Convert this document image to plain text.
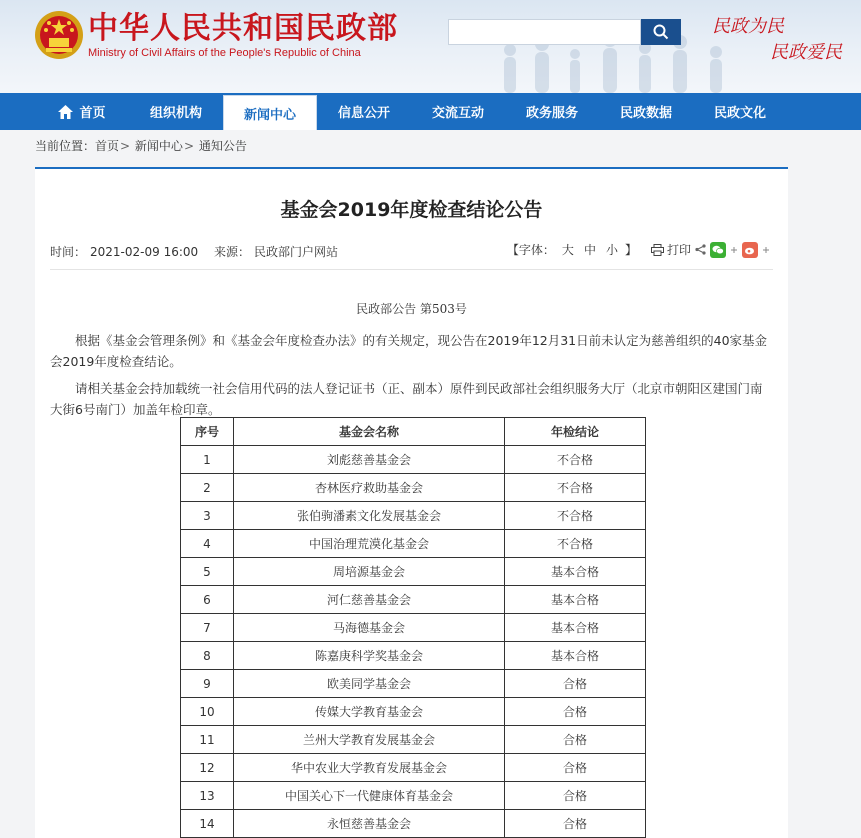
中华人民共和国民政部
Ministry of Civil Affairs of the People's Republic of China
民政为民
民政爱民
首页	组织机构	新闻中心	信息公开	交流互动	政务服务	民政数据	民政文化
当前位置：首页> 新闻中心> 通知公告
基金会2019年度检查结论公告
时间： 2021-02-09 16:00 来源： 民政部门户网站	【字体： 大 中 小 】	打印
民政部公告 第503号
根据《基金会管理条例》和《基金会年度检查办法》的有关规定，现公告在2019年12月31日前未认定为慈善组织的40家基金会2019年度检查结论。
请相关基金会持加载统一社会信用代码的法人登记证书（正、副本）原件到民政部社会组织服务大厅（北京市朝阳区建国门南大街6号南门）加盖年检印章。
序号	基金会名称	年检结论
1	刘彪慈善基金会	不合格
2	杏林医疗救助基金会	不合格
3	张伯驹潘素文化发展基金会	不合格
4	中国治理荒漠化基金会	不合格
5	周培源基金会	基本合格
6	河仁慈善基金会	基本合格
7	马海德基金会	基本合格
8	陈嘉庚科学奖基金会	基本合格
9	欧美同学基金会	合格
10	传媒大学教育基金会	合格
11	兰州大学教育发展基金会	合格
12	华中农业大学教育发展基金会	合格
13	中国关心下一代健康体育基金会	合格
14	永恒慈善基金会	合格
